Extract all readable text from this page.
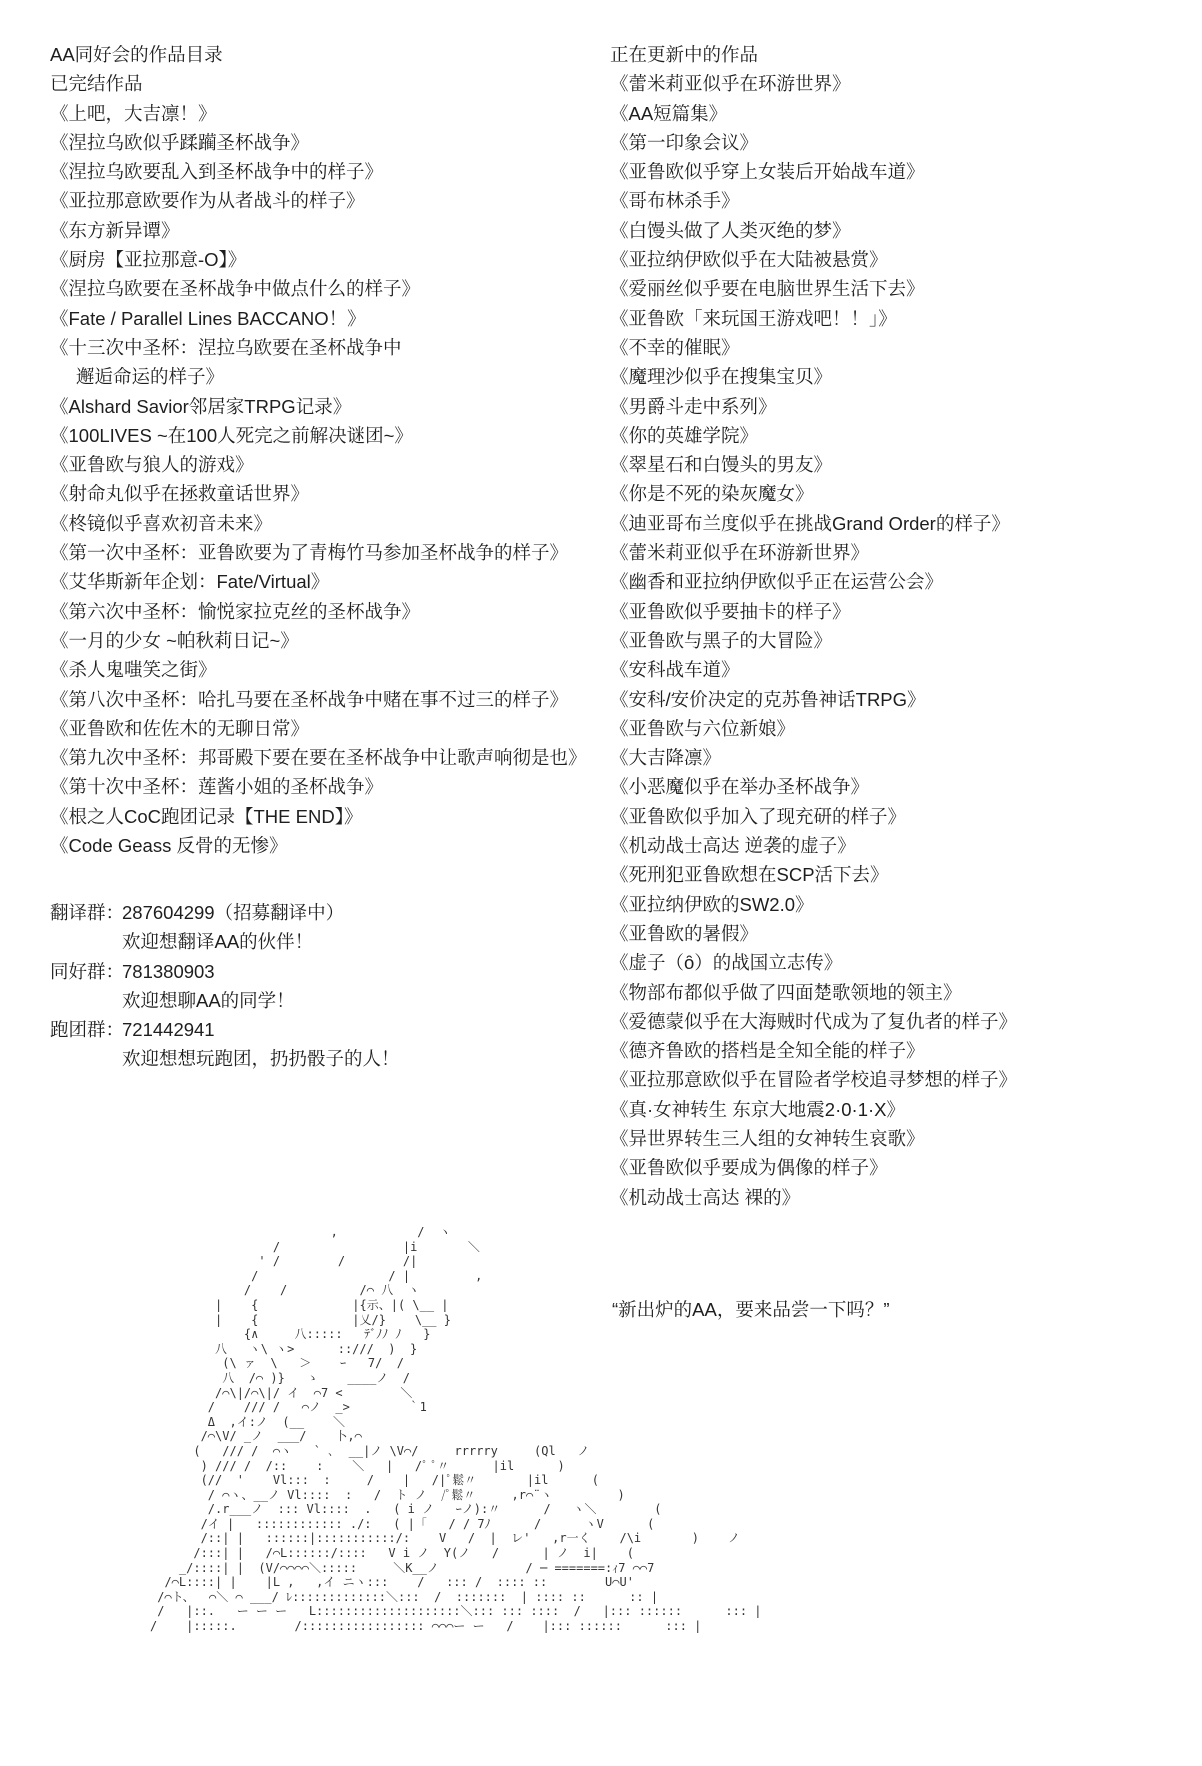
AA同好会的作品目录
已完结作品
《上吧，大吉凛！》
《涅拉乌欧似乎蹂躏圣杯战争》
《涅拉乌欧要乱入到圣杯战争中的样子》
《亚拉那意欧要作为从者战斗的样子》
《东方新异谭》
《厨房【亚拉那意-O】》
《涅拉乌欧要在圣杯战争中做点什么的样子》
《Fate / Parallel Lines BACCANO！》
《十三次中圣杯：涅拉乌欧要在圣杯战争中
邂逅命运的样子》
《Alshard Savior邻居家TRPG记录》
《100LIVES ~在100人死完之前解决谜团~》
《亚鲁欧与狼人的游戏》
《射命丸似乎在拯救童话世界》
《柊镜似乎喜欢初音未来》
《第一次中圣杯：亚鲁欧要为了青梅竹马参加圣杯战争的样子》
《艾华斯新年企划：Fate/Virtual》
《第六次中圣杯：愉悦家拉克丝的圣杯战争》
《一月的少女 ~帕秋莉日记~》
《杀人鬼嗤笑之街》
《第八次中圣杯：哈扎马要在圣杯战争中赌在事不过三的样子》
《亚鲁欧和佐佐木的无聊日常》
《第九次中圣杯：邦哥殿下要在要在圣杯战争中让歌声响彻是也》
《第十次中圣杯：莲酱小姐的圣杯战争》
《根之人CoC跑团记录【THE END】》
《Code Geass 反骨的无惨》
翻译群：287604299（招募翻译中）
欢迎想翻译AA的伙伴！
同好群：781380903
欢迎想聊AA的同学！
跑团群：721442941
欢迎想想玩跑团，扔扔骰子的人！
正在更新中的作品
《蕾米莉亚似乎在环游世界》
《AA短篇集》
《第一印象会议》
《亚鲁欧似乎穿上女装后开始战车道》
《哥布林杀手》
《白馒头做了人类灭绝的梦》
《亚拉纳伊欧似乎在大陆被悬赏》
《爱丽丝似乎要在电脑世界生活下去》
《亚鲁欧「来玩国王游戏吧！！」》
《不幸的催眠》
《魔理沙似乎在搜集宝贝》
《男爵斗走中系列》
《你的英雄学院》
《翠星石和白馒头的男友》
《你是不死的染灰魔女》
《迪亚哥布兰度似乎在挑战Grand Order的样子》
《蕾米莉亚似乎在环游新世界》
《幽香和亚拉纳伊欧似乎正在运营公会》
《亚鲁欧似乎要抽卡的样子》
《亚鲁欧与黑子的大冒险》
《安科战车道》
《安科/安价决定的克苏鲁神话TRPG》
《亚鲁欧与六位新娘》
《大吉降凛》
《小恶魔似乎在举办圣杯战争》
《亚鲁欧似乎加入了现充研的样子》
《机动战士高达 逆袭的虚子》
《死刑犯亚鲁欧想在SCP活下去》
《亚拉纳伊欧的SW2.0》
《亚鲁欧的暑假》
《虚子（ȏ）的战国立志传》
《物部布都似乎做了四面楚歌领地的领主》
《爱德蒙似乎在大海贼时代成为了复仇者的样子》
《德齐鲁欧的搭档是全知全能的样子》
《亚拉那意欧似乎在冒险者学校追寻梦想的样子》
《真·女神转生 东京大地震2·0·1·X》
《异世界转生三人组的女神转生哀歌》
《亚鲁欧似乎要成为偶像的样子》
《机动战士高达 裸的》
“新出炉的AA，要来品尝一下吗？”
,           /  ヽ
/                 |i       ＼
' /        /        /|
/                  / |         ,
/    /          /⌒ 八  ヽ
|    {             |{示、|( \__ |
|    {             |乂/}    \__ }
{∧     八:::::   ﾃﾞﾉﾉ ﾉ   }
八   ヽ\ ヽ>      ::///  )  }
(\ ァ  \   ＞    ｰ   7/  /
八  /⌒ )}   ゝ    ____ノ  /
/⌒\|/⌒\|/ イ  ⌒7 <        ＼
/    /// /   ⌒ノ  _>        ｀1
Δ  ,イ:ノ  (__    ＼
/⌒\V/ _ノ  ___/    卜,⌒
(   /// /  ⌒ヽ   ` ､  __|ノ \V⌒/     rrrrry     (Ql   ノ
) /// /  /::    :    ＼   |   /ﾟ ﾟ〃      |il      )
(//  '    Vl:::  :     /    |   /|ﾟ鬆〃       |il      (
/ ⌒ヽ、__ノ Vl::::  :   /  ト ノ  /ﾟ鬆〃     ,r⌒¨ヽ         )
/.r___ノ  ::: Vl::::  .   ( i ノ   ｰノ):〃      /   ヽ＼        (
/イ |   :::::::::::: ./:   ( |「   / / 7ﾉ      /      ヽV      (
/::| |   ::::::|:::::::::::/:    V   /  |  レ'   ,r一く    /\i       )    ノ
/:::| |   /⌒L::::::/::::   V i ノ  Y(ノ   /      | ノ  i|    (
_/::::| |  (V/⌒⌒⌒⌒＼:::::     ＼K__ノ            / ─ =======:ｨ7 ⌒⌒7
/⌒L::::| |    |L ,   ,イ ニヽ:::    /   ::: /  :::: ::        U⌒U'
/⌒ト、  ⌒＼ ⌒ ___/ ﾚ:::::::::::::＼:::  /  :::::::  | :::: ::      :: |
/   |::.   ー ー ー   L::::::::::::::::::::＼::: ::: ::::  /   |::: ::::::      ::: |
/    |:::::.        /::::::::::::::::: ⌒⌒⌒ー ー   /    |::: ::::::      ::: |
